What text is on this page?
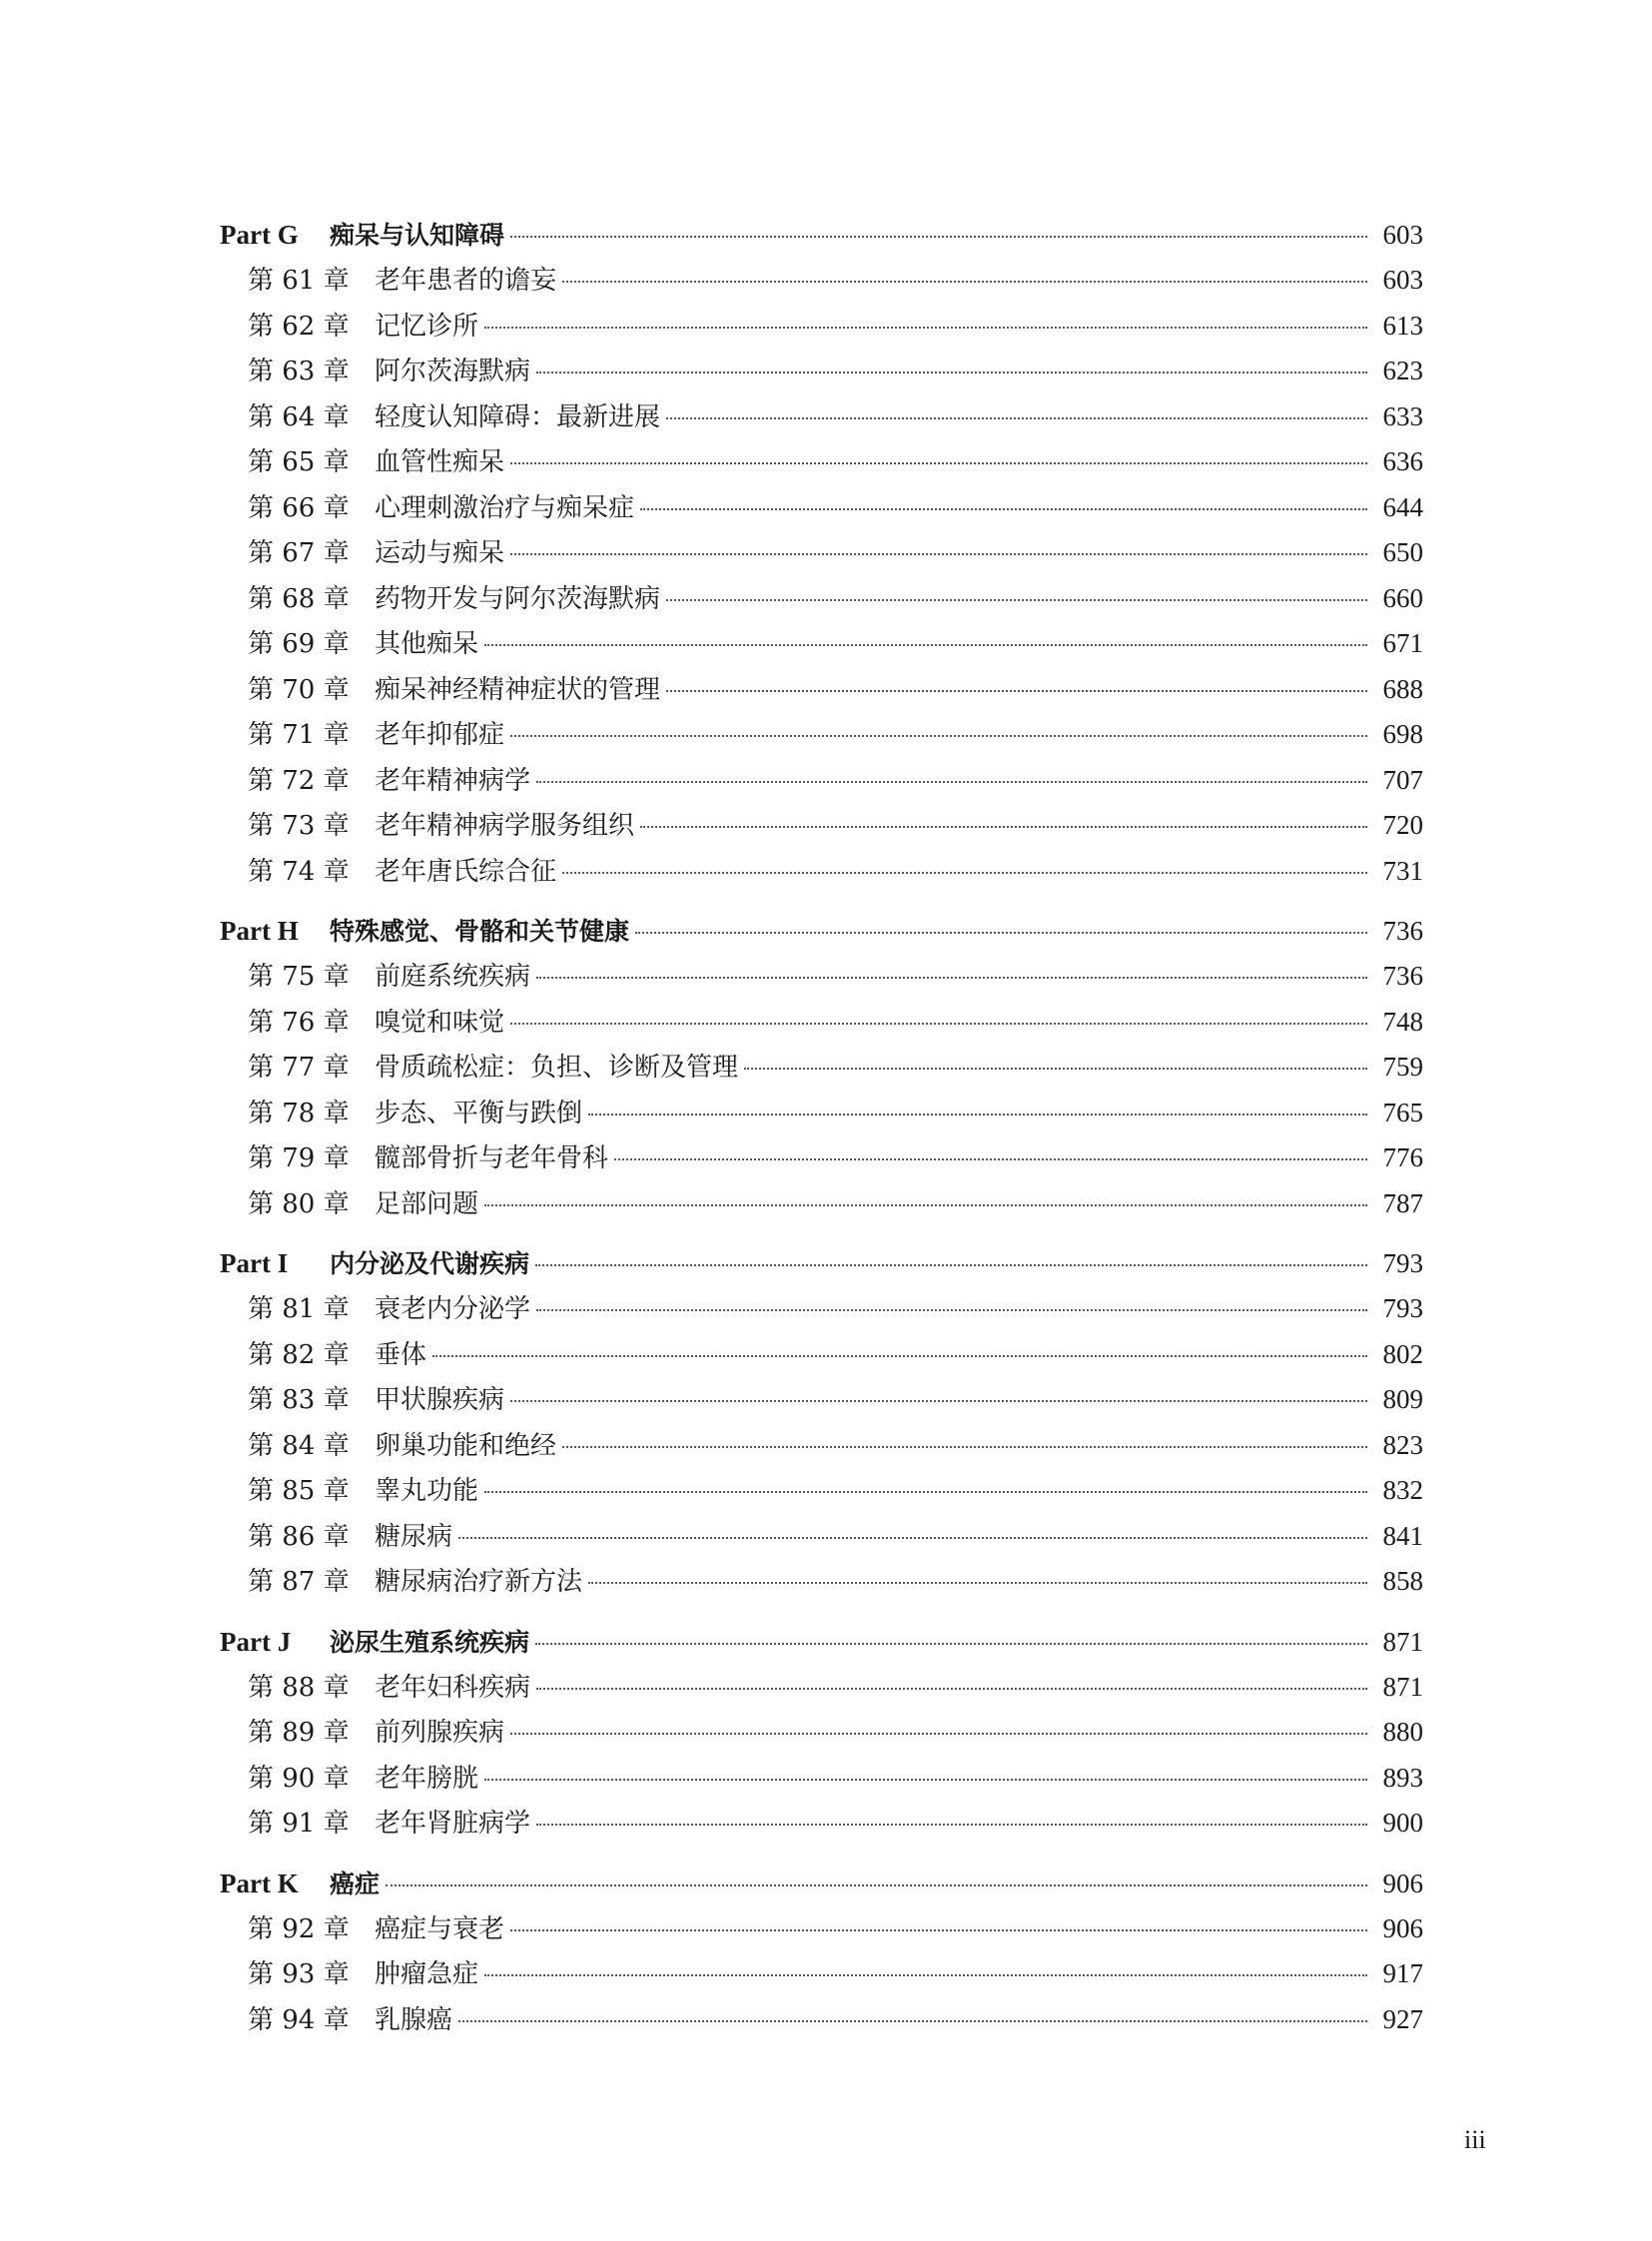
Part G	痴呆与认知障碍	603
第 61 章 老年患者的谵妄	603
第 62 章 记忆诊所	613
第 63 章 阿尔茨海默病	623
第 64 章 轻度认知障碍：最新进展	633
第 65 章 血管性痴呆	636
第 66 章 心理刺激治疗与痴呆症	644
第 67 章 运动与痴呆	650
第 68 章 药物开发与阿尔茨海默病	660
第 69 章 其他痴呆	671
第 70 章 痴呆神经精神症状的管理	688
第 71 章 老年抑郁症	698
第 72 章 老年精神病学	707
第 73 章 老年精神病学服务组织	720
第 74 章 老年唐氏综合征	731
Part H	特殊感觉、骨骼和关节健康	736
第 75 章 前庭系统疾病	736
第 76 章 嗅觉和味觉	748
第 77 章 骨质疏松症：负担、诊断及管理	759
第 78 章 步态、平衡与跌倒	765
第 79 章 髋部骨折与老年骨科	776
第 80 章 足部问题	787
Part I	内分泌及代谢疾病	793
第 81 章 衰老内分泌学	793
第 82 章 垂体	802
第 83 章 甲状腺疾病	809
第 84 章 卵巢功能和绝经	823
第 85 章 睾丸功能	832
第 86 章 糖尿病	841
第 87 章 糖尿病治疗新方法	858
Part J	泌尿生殖系统疾病	871
第 88 章 老年妇科疾病	871
第 89 章 前列腺疾病	880
第 90 章 老年膀胱	893
第 91 章 老年肾脏病学	900
Part K	癌症	906
第 92 章 癌症与衰老	906
第 93 章 肿瘤急症	917
第 94 章 乳腺癌	927
iii
